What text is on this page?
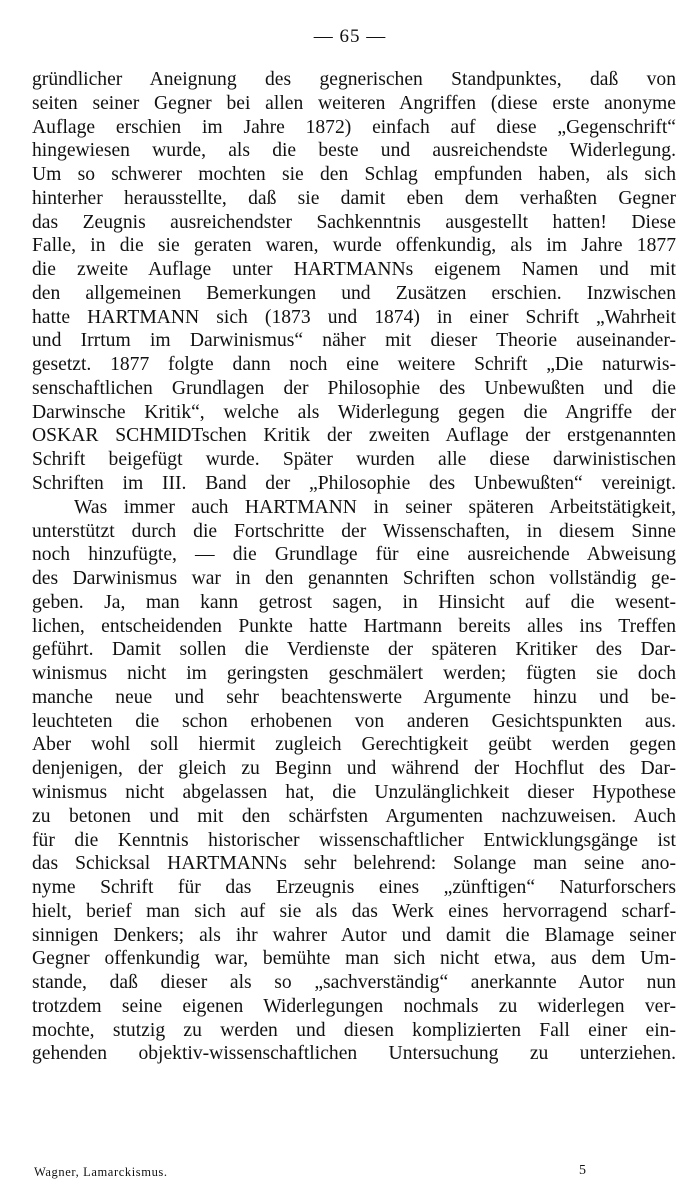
— 65 —
gründlicher Aneignung des gegnerischen Standpunktes, daß von
seiten seiner Gegner bei allen weiteren Angriffen (diese erste anonyme
Auflage erschien im Jahre 1872) einfach auf diese „Gegenschrift“
hingewiesen wurde, als die beste und ausreichendste Widerlegung.
Um so schwerer mochten sie den Schlag empfunden haben, als sich
hinterher herausstellte, daß sie damit eben dem verhaßten Gegner
das Zeugnis ausreichendster Sachkenntnis ausgestellt hatten! Diese
Falle, in die sie geraten waren, wurde offenkundig, als im Jahre 1877
die zweite Auflage unter HARTMANNs eigenem Namen und mit
den allgemeinen Bemerkungen und Zusätzen erschien. Inzwischen
hatte HARTMANN sich (1873 und 1874) in einer Schrift „Wahrheit
und Irrtum im Darwinismus“ näher mit dieser Theorie auseinander-
gesetzt. 1877 folgte dann noch eine weitere Schrift „Die naturwis-
senschaftlichen Grundlagen der Philosophie des Unbewußten und die
Darwinsche Kritik“, welche als Widerlegung gegen die Angriffe der
OSKAR SCHMIDTschen Kritik der zweiten Auflage der erstgenannten
Schrift beigefügt wurde. Später wurden alle diese darwinistischen
Schriften im III. Band der „Philosophie des Unbewußten“ vereinigt.
Was immer auch HARTMANN in seiner späteren Arbeitstätigkeit,
unterstützt durch die Fortschritte der Wissenschaften, in diesem Sinne
noch hinzufügte, — die Grundlage für eine ausreichende Abweisung
des Darwinismus war in den genannten Schriften schon vollständig ge-
geben. Ja, man kann getrost sagen, in Hinsicht auf die wesent-
lichen, entscheidenden Punkte hatte Hartmann bereits alles ins Treffen
geführt. Damit sollen die Verdienste der späteren Kritiker des Dar-
winismus nicht im geringsten geschmälert werden; fügten sie doch
manche neue und sehr beachtenswerte Argumente hinzu und be-
leuchteten die schon erhobenen von anderen Gesichtspunkten aus.
Aber wohl soll hiermit zugleich Gerechtigkeit geübt werden gegen
denjenigen, der gleich zu Beginn und während der Hochflut des Dar-
winismus nicht abgelassen hat, die Unzulänglichkeit dieser Hypothese
zu betonen und mit den schärfsten Argumenten nachzuweisen. Auch
für die Kenntnis historischer wissenschaftlicher Entwicklungsgänge ist
das Schicksal HARTMANNs sehr belehrend: Solange man seine ano-
nyme Schrift für das Erzeugnis eines „zünftigen“ Naturforschers
hielt, berief man sich auf sie als das Werk eines hervorragend scharf-
sinnigen Denkers; als ihr wahrer Autor und damit die Blamage seiner
Gegner offenkundig war, bemühte man sich nicht etwa, aus dem Um-
stande, daß dieser als so „sachverständig“ anerkannte Autor nun
trotzdem seine eigenen Widerlegungen nochmals zu widerlegen ver-
mochte, stutzig zu werden und diesen komplizierten Fall einer ein-
gehenden objektiv-wissenschaftlichen Untersuchung zu unterziehen.
Wagner, Lamarckismus.	5
